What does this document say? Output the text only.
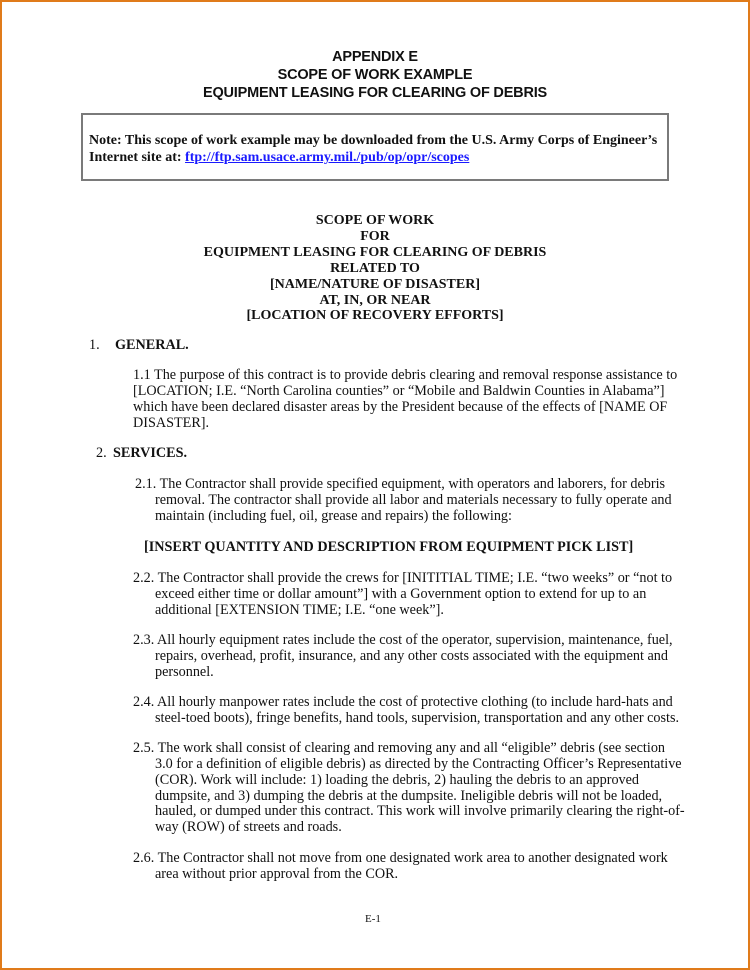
APPENDIX E
SCOPE OF WORK EXAMPLE
EQUIPMENT LEASING FOR CLEARING OF DEBRIS
Note: This scope of work example may be downloaded from the U.S. Army Corps of Engineer’s
Internet site at: ftp://ftp.sam.usace.army.mil./pub/op/opr/scopes
SCOPE OF WORK
FOR
EQUIPMENT LEASING FOR CLEARING OF DEBRIS
RELATED TO
[NAME/NATURE OF DISASTER]
AT, IN, OR NEAR
[LOCATION OF RECOVERY EFFORTS]
1. GENERAL.
1.1 The purpose of this contract is to provide debris clearing and removal response assistance to
[LOCATION; I.E. “North Carolina counties” or “Mobile and Baldwin Counties in Alabama”]
which have been declared disaster areas by the President because of the effects of [NAME OF
DISASTER].
2. SERVICES.
2.1. The Contractor shall provide specified equipment, with operators and laborers, for debris
removal. The contractor shall provide all labor and materials necessary to fully operate and
maintain (including fuel, oil, grease and repairs) the following:
[INSERT QUANTITY AND DESCRIPTION FROM EQUIPMENT PICK LIST]
2.2. The Contractor shall provide the crews for [INITITIAL TIME; I.E. “two weeks” or “not to
exceed either time or dollar amount”] with a Government option to extend for up to an
additional [EXTENSION TIME; I.E. “one week”].
2.3. All hourly equipment rates include the cost of the operator, supervision, maintenance, fuel,
repairs, overhead, profit, insurance, and any other costs associated with the equipment and
personnel.
2.4. All hourly manpower rates include the cost of protective clothing (to include hard-hats and
steel-toed boots), fringe benefits, hand tools, supervision, transportation and any other costs.
2.5. The work shall consist of clearing and removing any and all “eligible” debris (see section
3.0 for a definition of eligible debris) as directed by the Contracting Officer’s Representative
(COR). Work will include: 1) loading the debris, 2) hauling the debris to an approved
dumpsite, and 3) dumping the debris at the dumpsite. Ineligible debris will not be loaded,
hauled, or dumped under this contract. This work will involve primarily clearing the right-of-
way (ROW) of streets and roads.
2.6. The Contractor shall not move from one designated work area to another designated work
area without prior approval from the COR.
E-1
